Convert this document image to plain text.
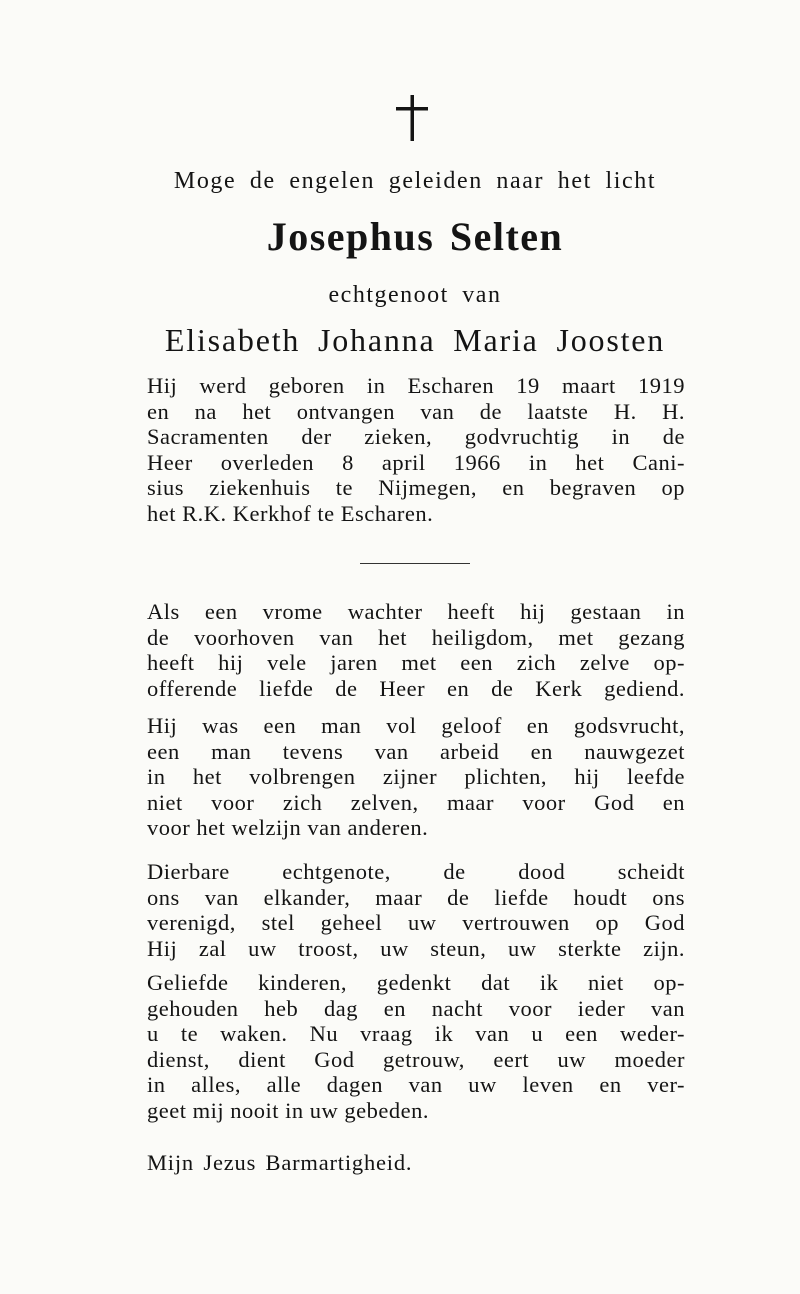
Moge de engelen geleiden naar het licht
Josephus Selten
echtgenoot van
Elisabeth Johanna Maria Joosten

Hij werd geboren in Escharen 19 maart 1919
en na het ontvangen van de laatste H. H.
Sacramenten der zieken, godvruchtig in de
Heer overleden 8 april 1966 in het Cani-
sius ziekenhuis te Nijmegen, en begraven op
het R.K. Kerkhof te Escharen.

Als een vrome wachter heeft hij gestaan in
de voorhoven van het heiligdom, met gezang
heeft hij vele jaren met een zich zelve op-
offerende liefde de Heer en de Kerk gediend.

Hij was een man vol geloof en godsvrucht,
een man tevens van arbeid en nauwgezet
in het volbrengen zijner plichten, hij leefde
niet voor zich zelven, maar voor God en
voor het welzijn van anderen.

Dierbare echtgenote, de dood scheidt
ons van elkander, maar de liefde houdt ons
verenigd, stel geheel uw vertrouwen op God
Hij zal uw troost, uw steun, uw sterkte zijn.

Geliefde kinderen, gedenkt dat ik niet op-
gehouden heb dag en nacht voor ieder van
u te waken. Nu vraag ik van u een weder-
dienst, dient God getrouw, eert uw moeder
in alles, alle dagen van uw leven en ver-
geet mij nooit in uw gebeden.

Mijn Jezus Barmartigheid.
